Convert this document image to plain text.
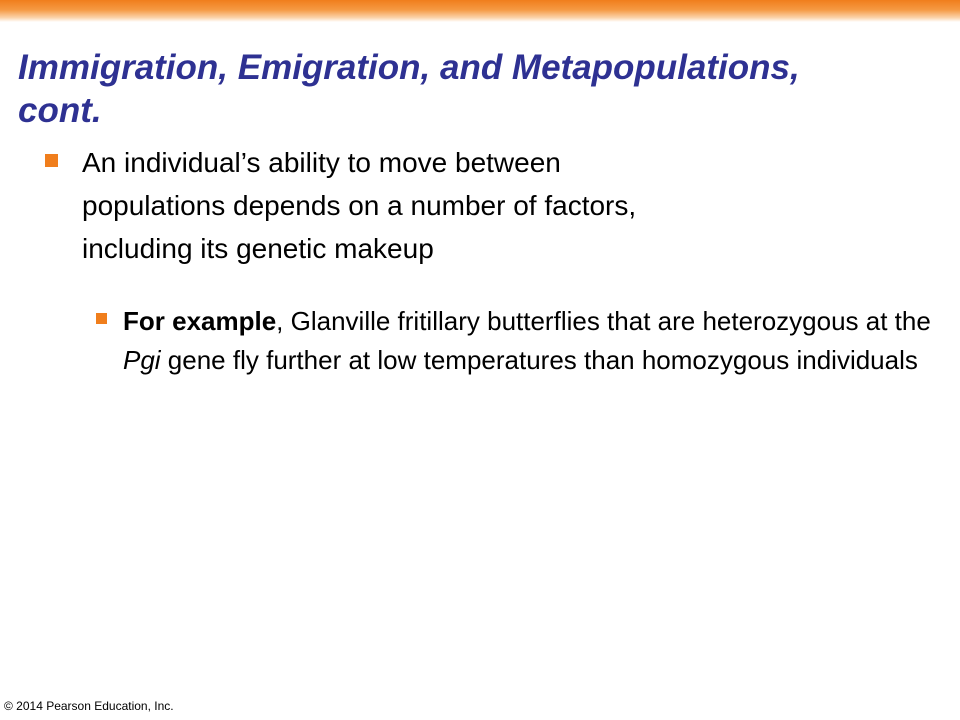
Immigration, Emigration, and Metapopulations,
cont.
An individual’s ability to move between
populations depends on a number of factors,
including its genetic makeup
For example, Glanville fritillary butterflies that are heterozygous at the Pgi gene fly further at low temperatures than homozygous individuals
© 2014 Pearson Education, Inc.
